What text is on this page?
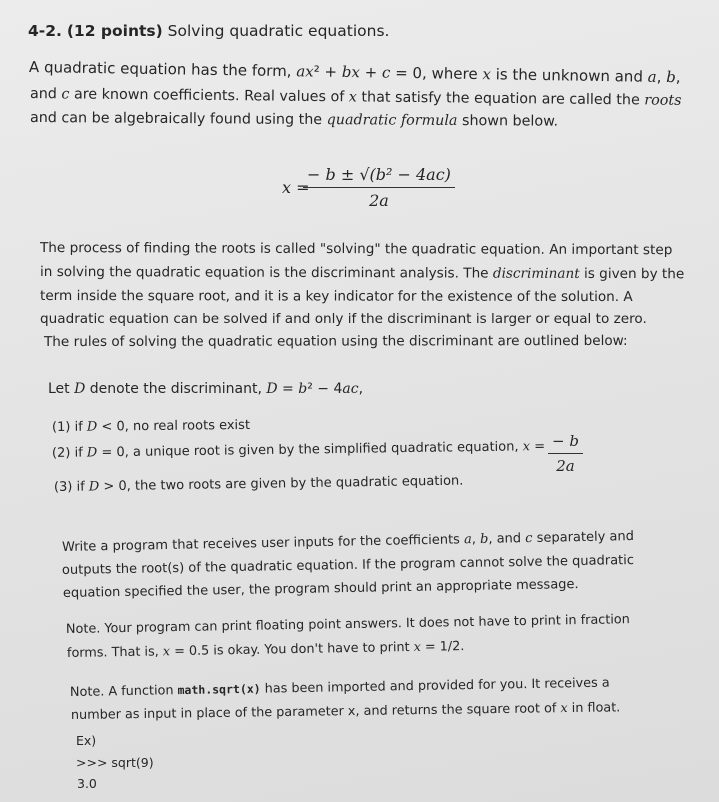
4-2. (12 points) Solving quadratic equations.
A quadratic equation has the form, ax² + bx + c = 0, where x is the unknown and a, b,
and c are known coefficients. Real values of x that satisfy the equation are called the roots
and can be algebraically found using the quadratic formula shown below.
x =
$\frac{\text{− b ± √(b² − 4ac)}}{2a}$
The process of finding the roots is called "solving" the quadratic equation. An important step
in solving the quadratic equation is the discriminant analysis. The discriminant is given by the
term inside the square root, and it is a key indicator for the existence of the solution. A
quadratic equation can be solved if and only if the discriminant is larger or equal to zero.
The rules of solving the quadratic equation using the discriminant are outlined below:
Let D denote the discriminant, D = b² − 4ac,
(1) if D < 0, no real roots exist
(2) if D = 0, a unique root is given by the simplified quadratic equation, x =
(3) if D > 0, the two roots are given by the quadratic equation.
$\frac{- b}{2a}$
Write a program that receives user inputs for the coefficients a, b, and c separately and
outputs the root(s) of the quadratic equation. If the program cannot solve the quadratic
equation specified the user, the program should print an appropriate message.
Note. Your program can print floating point answers. It does not have to print in fraction
forms. That is, x = 0.5 is okay. You don't have to print x = 1/2.
Note. A function math.sqrt(x) has been imported and provided for you. It receives a
number as input in place of the parameter x, and returns the square root of x in float.
Ex)
>>> sqrt(9)
3.0
